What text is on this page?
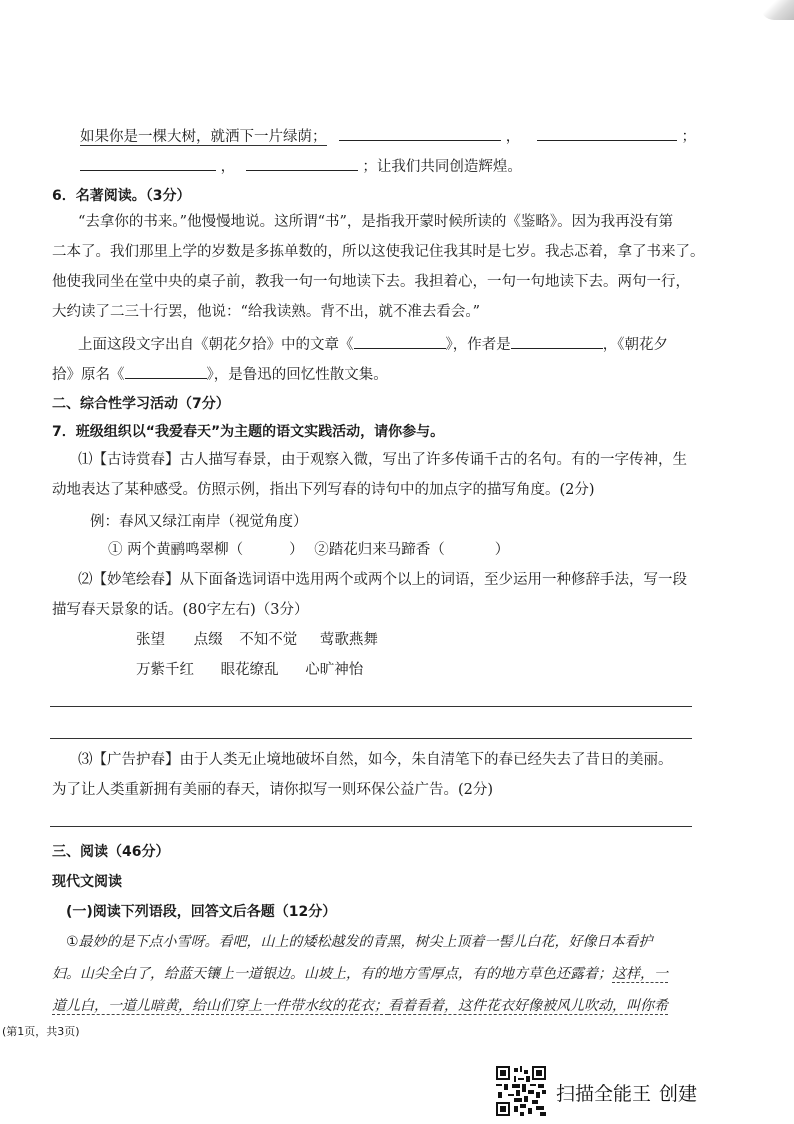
如果你是一棵大树，就洒下一片绿荫；	，	；
，	；让我们共同创造辉煌。
6．名著阅读。（3分）
“去拿你的书来。”他慢慢地说。这所谓“书”，是指我开蒙时候所读的《鉴略》。因为我再没有第
二本了。我们那里上学的岁数是多拣单数的，所以这使我记住我其时是七岁。我忐忑着，拿了书来了。
他使我同坐在堂中央的桌子前，教我一句一句地读下去。我担着心，一句一句地读下去。两句一行，
大约读了二三十行罢，他说：“给我读熟。背不出，就不准去看会。”
上面这段文字出自《朝花夕拾》中的文章《	》，作者是	，《朝花夕
拾》原名《	》，是鲁迅的回忆性散文集。
二、综合性学习活动（7分）
7．班级组织以“我爱春天”为主题的语文实践活动，请你参与。
⑴【古诗赏春】古人描写春景，由于观察入微，写出了许多传诵千古的名句。有的一字传神，生
动地表达了某种感受。仿照示例，指出下列写春的诗句中的加点字的描写角度。(2分)
例：春风又绿江南岸（视觉角度）
① 两个黄鹂鸣翠柳（	） ②踏花归来马蹄香（	）
⑵【妙笔绘春】从下面备选词语中选用两个或两个以上的词语，至少运用一种修辞手法，写一段
描写春天景象的话。(80字左右)（3分）
张望 点缀 不知不觉 莺歌燕舞
万紫千红 眼花缭乱 心旷神怡
⑶【广告护春】由于人类无止境地破坏自然，如今，朱自清笔下的春已经失去了昔日的美丽。
为了让人类重新拥有美丽的春天，请你拟写一则环保公益广告。(2分)
三、阅读（46分）
现代文阅读
(一)阅读下列语段，回答文后各题（12分）
①最妙的是下点小雪呀。看吧，山上的矮松越发的青黑，树尖上顶着一髻儿白花，好像日本看护
妇。山尖全白了，给蓝天镶上一道银边。山坡上，有的地方雪厚点，有的地方草色还露着；这样，一
道儿白，一道儿暗黄，给山们穿上一件带水纹的花衣；看着看着，这件花衣好像被风儿吹动，叫你希
(第1页，共3页)
扫描全能王 创建
